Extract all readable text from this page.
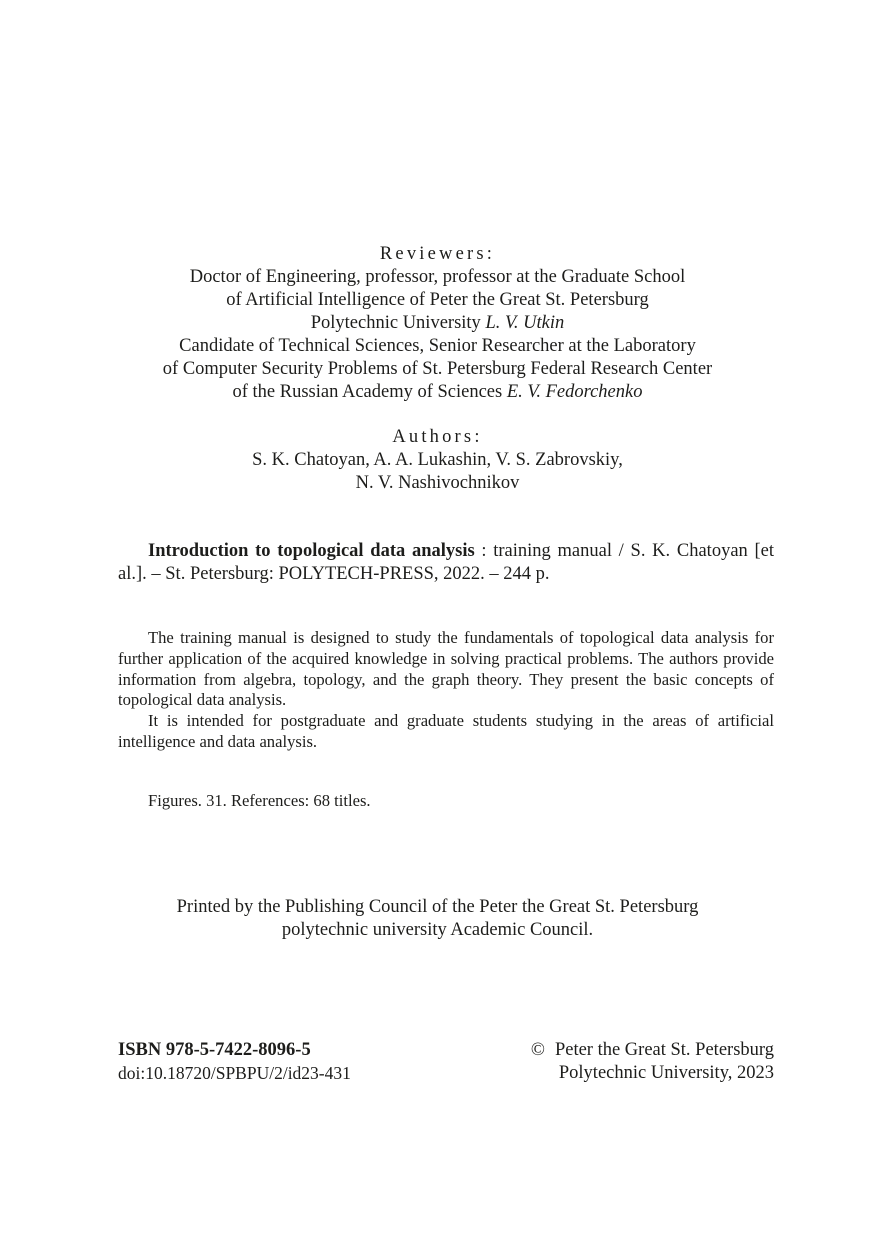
Reviewers:
Doctor of Engineering, professor, professor at the Graduate School
of Artificial Intelligence of Peter the Great St. Petersburg
Polytechnic University L. V. Utkin
Candidate of Technical Sciences, Senior Researcher at the Laboratory
of Computer Security Problems of St. Petersburg Federal Research Center
of the Russian Academy of Sciences E. V. Fedorchenko
Authors:
S. K. Chatoyan, A. A. Lukashin, V. S. Zabrovskiy,
N. V. Nashivochnikov
Introduction to topological data analysis : training manual / S. K. Chatoyan [et al.]. – St. Petersburg: POLYTECH-PRESS, 2022. – 244 p.

The training manual is designed to study the fundamentals of topological data analysis for further application of the acquired knowledge in solving practical problems. The authors provide information from algebra, topology, and the graph theory. They present the basic concepts of topological data analysis.

It is intended for postgraduate and graduate students studying in the areas of artificial intelligence and data analysis.

Figures. 31. References: 68 titles.
Printed by the Publishing Council of the Peter the Great St. Petersburg
polytechnic university Academic Council.
ISBN 978-5-7422-8096-5
doi:10.18720/SPBPU/2/id23-431
© Peter the Great St. Petersburg
Polytechnic University, 2023
